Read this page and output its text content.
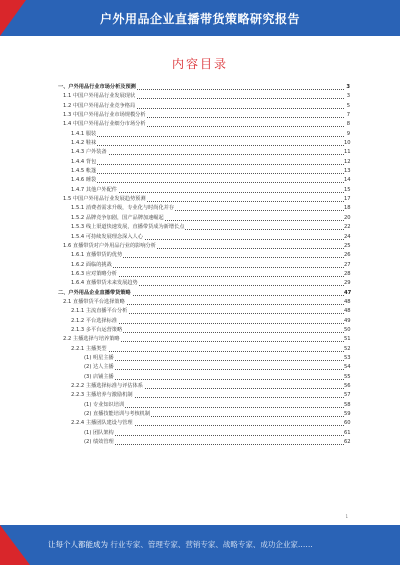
户外用品企业直播带货策略研究报告
内容目录
一、户外用品行业市场分析及预测	3
1.1 中国户外用品行业发展现状	3
1.2 中国户外用品行业竞争格局	5
1.3 中国户外用品行业市场规模分析	7
1.4 中国户外用品行业细分市场分析	8
1.4.1 服装	9
1.4.2 鞋袜	10
1.4.3 户外装备	11
1.4.4 背包	12
1.4.5 帐篷	13
1.4.6 睡袋	14
1.4.7 其他户外配件	15
1.5 中国户外用品行业发展趋势预测	17
1.5.1 消费者需求升级，专业化与时尚化并存	18
1.5.2 品牌竞争加剧，国产品牌加速崛起	20
1.5.3 线上渠道快速发展，直播带货成为新增长点	22
1.5.4 可持续发展理念深入人心	24
1.6 直播带货对户外用品行业的影响分析	25
1.6.1 直播带货的优势	26
1.6.2 面临的挑战	27
1.6.3 应对策略分析	28
1.6.4 直播带货未来发展趋势	29
二、户外用品企业直播带货策略	47
2.1 直播带货平台选择策略	48
2.1.1 主流直播平台分析	48
2.1.2 平台选择标准	49
2.1.3 多平台运营策略	50
2.2 主播选择与培养策略	51
2.2.1 主播类型	52
(1) 明星主播	53
(2) 达人主播	54
(3) 店铺主播	55
2.2.2 主播选择标准与评估体系	56
2.2.3 主播培养与激励机制	57
(1) 专业知识培训	58
(2) 直播技能培训与考核机制	59
2.2.4 主播团队建设与管理	60
(1) 团队架构	61
(2) 绩效管理	62
1
让每个人都能成为 行业专家、管理专家、营销专家、战略专家、成功企业家……
